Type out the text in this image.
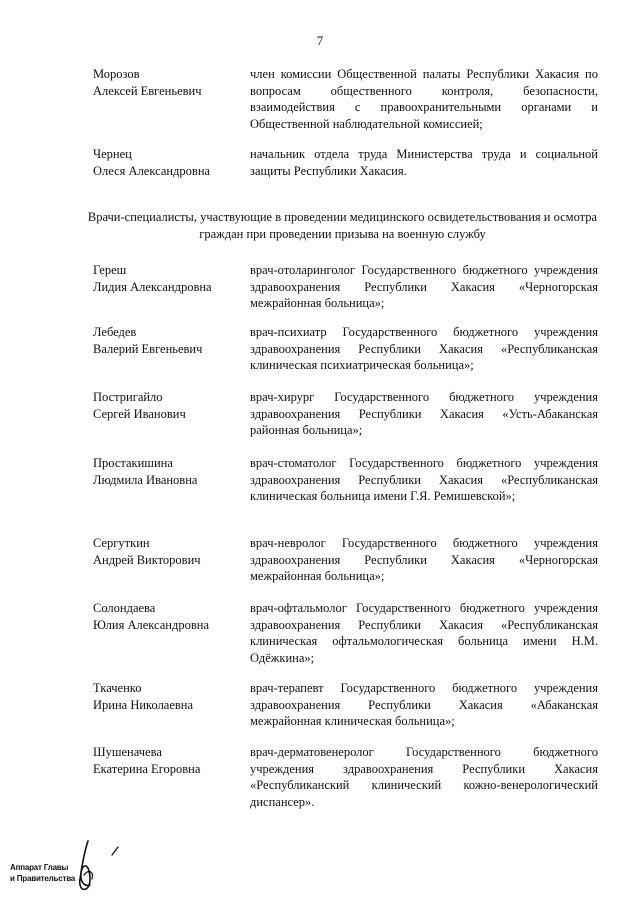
7
Морозов
Алексей Евгеньевич
член комиссии Общественной палаты Республики Хакасия по вопросам общественного контроля, безопасности, взаимодействия с правоохранительными органами и Общественной наблюдательной комиссией;
Чернец
Олеся Александровна
начальник отдела труда Министерства труда и социальной защиты Республики Хакасия.
Врачи-специалисты, участвующие в проведении медицинского освидетельствования и осмотра граждан при проведении призыва на военную службу
Гереш
Лидия Александровна
врач-отоларинголог Государственного бюджетного учреждения здравоохранения Республики Хакасия «Черногорская межрайонная больница»;
Лебедев
Валерий Евгеньевич
врач-психиатр Государственного бюджетного учреждения здравоохранения Республики Хакасия «Республиканская клиническая психиатрическая больница»;
Постригайло
Сергей Иванович
врач-хирург Государственного бюджетного учреждения здравоохранения Республики Хакасия «Усть-Абаканская районная больница»;
Простакишина
Людмила Ивановна
врач-стоматолог Государственного бюджетного учреждения здравоохранения Республики Хакасия «Республиканская клиническая больница имени Г.Я. Ремишевской»;
Сергуткин
Андрей Викторович
врач-невролог Государственного бюджетного учреждения здравоохранения Республики Хакасия «Черногорская межрайонная больница»;
Солондаева
Юлия Александровна
врач-офтальмолог Государственного бюджетного учреждения здравоохранения Республики Хакасия «Республиканская клиническая офтальмологическая больница имени Н.М. Одёжкина»;
Ткаченко
Ирина Николаевна
врач-терапевт Государственного бюджетного учреждения здравоохранения Республики Хакасия «Абаканская межрайонная клиническая больница»;
Шушеначева
Екатерина Егоровна
врач-дерматовенеролог Государственного бюджетного учреждения здравоохранения Республики Хакасия «Республиканский клинический кожно-венерологический диспансер».
Аппарат Главы
и Правительства
